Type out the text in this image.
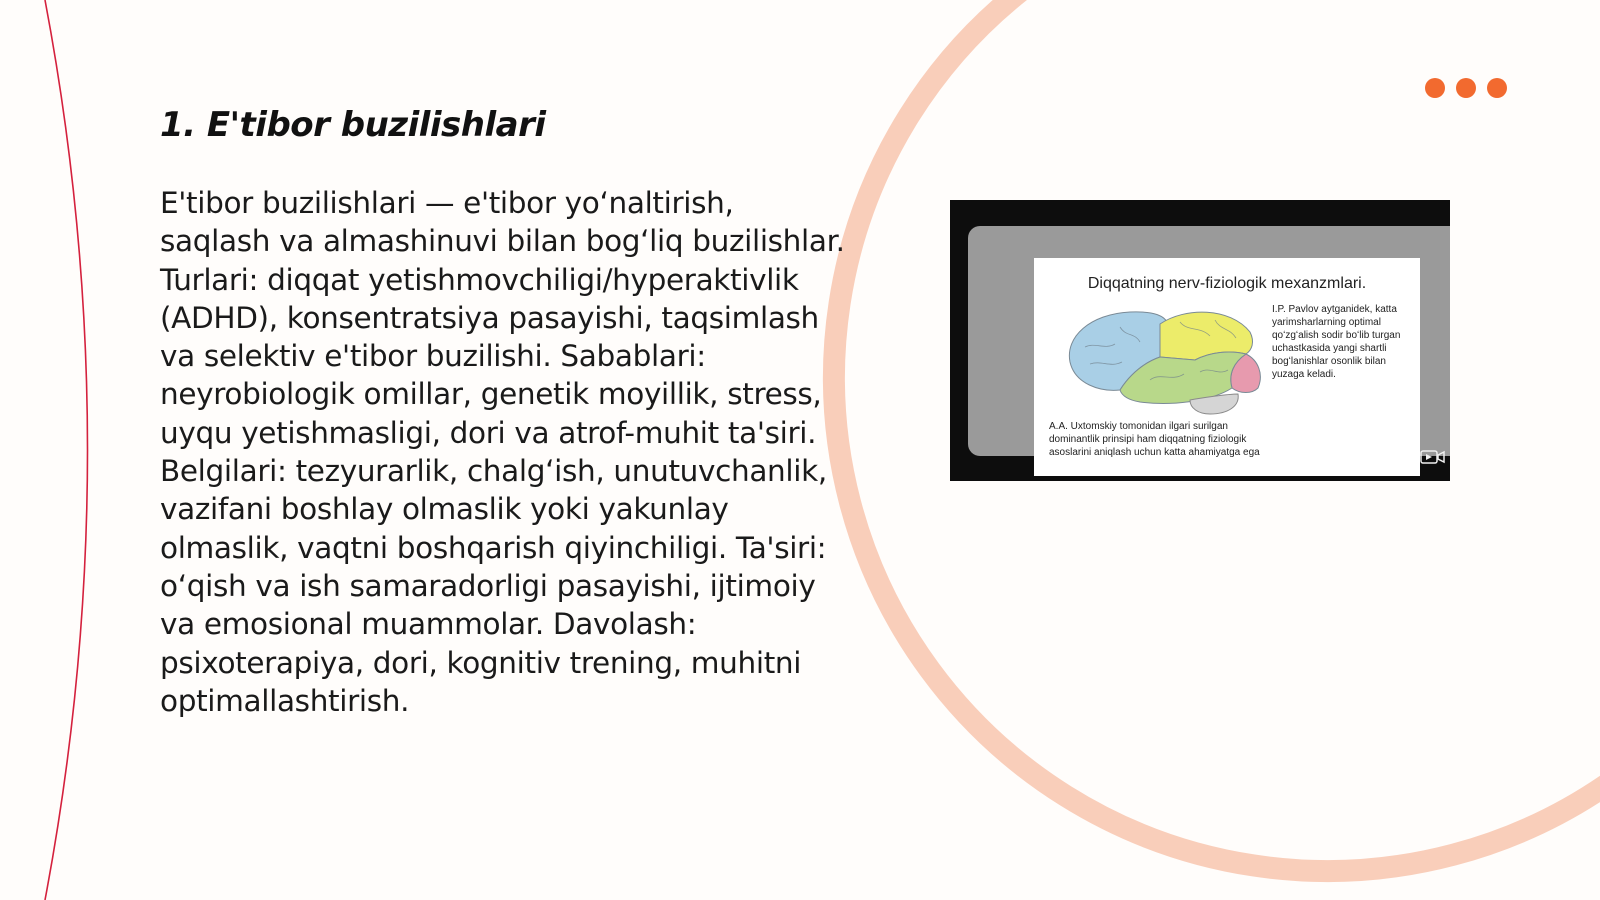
1. E'tibor buzilishlari

E'tibor buzilishlari — e'tibor yoʻnaltirish, saqlash va almashinuvi bilan bogʻliq buzilishlar. Turlari: diqqat yetishmovchiligi/hyperaktivlik (ADHD), konsentratsiya pasayishi, taqsimlash va selektiv e'tibor buzilishi. Sabablari: neyrobiologik omillar, genetik moyillik, stress, uyqu yetishmasligi, dori va atrof-muhit ta'siri. Belgilari: tezyurarlik, chalgʻish, unutuvchanlik, vazifani boshlay olmaslik yoki yakunlay olmaslik, vaqtni boshqarish qiyinchiligi. Ta'siri: oʻqish va ish samaradorligi pasayishi, ijtimoiy va emosional muammolar. Davolash: psixoterapiya, dori, kognitiv trening, muhitni optimallashtirish.

Diqqatning nerv-fiziologik mexanzmlari.
I.P. Pavlov aytganidek, katta yarimsharlarning optimal qoʻzgʻalish sodir boʻlib turgan uchastkasida yangi shartli bogʻlanishlar osonlik bilan yuzaga keladi.
A.A. Uxtomskiy tomonidan ilgari surilgan dominantlik prinsipi ham diqqatning fiziologik asoslarini aniqlash uchun katta ahamiyatga ega
